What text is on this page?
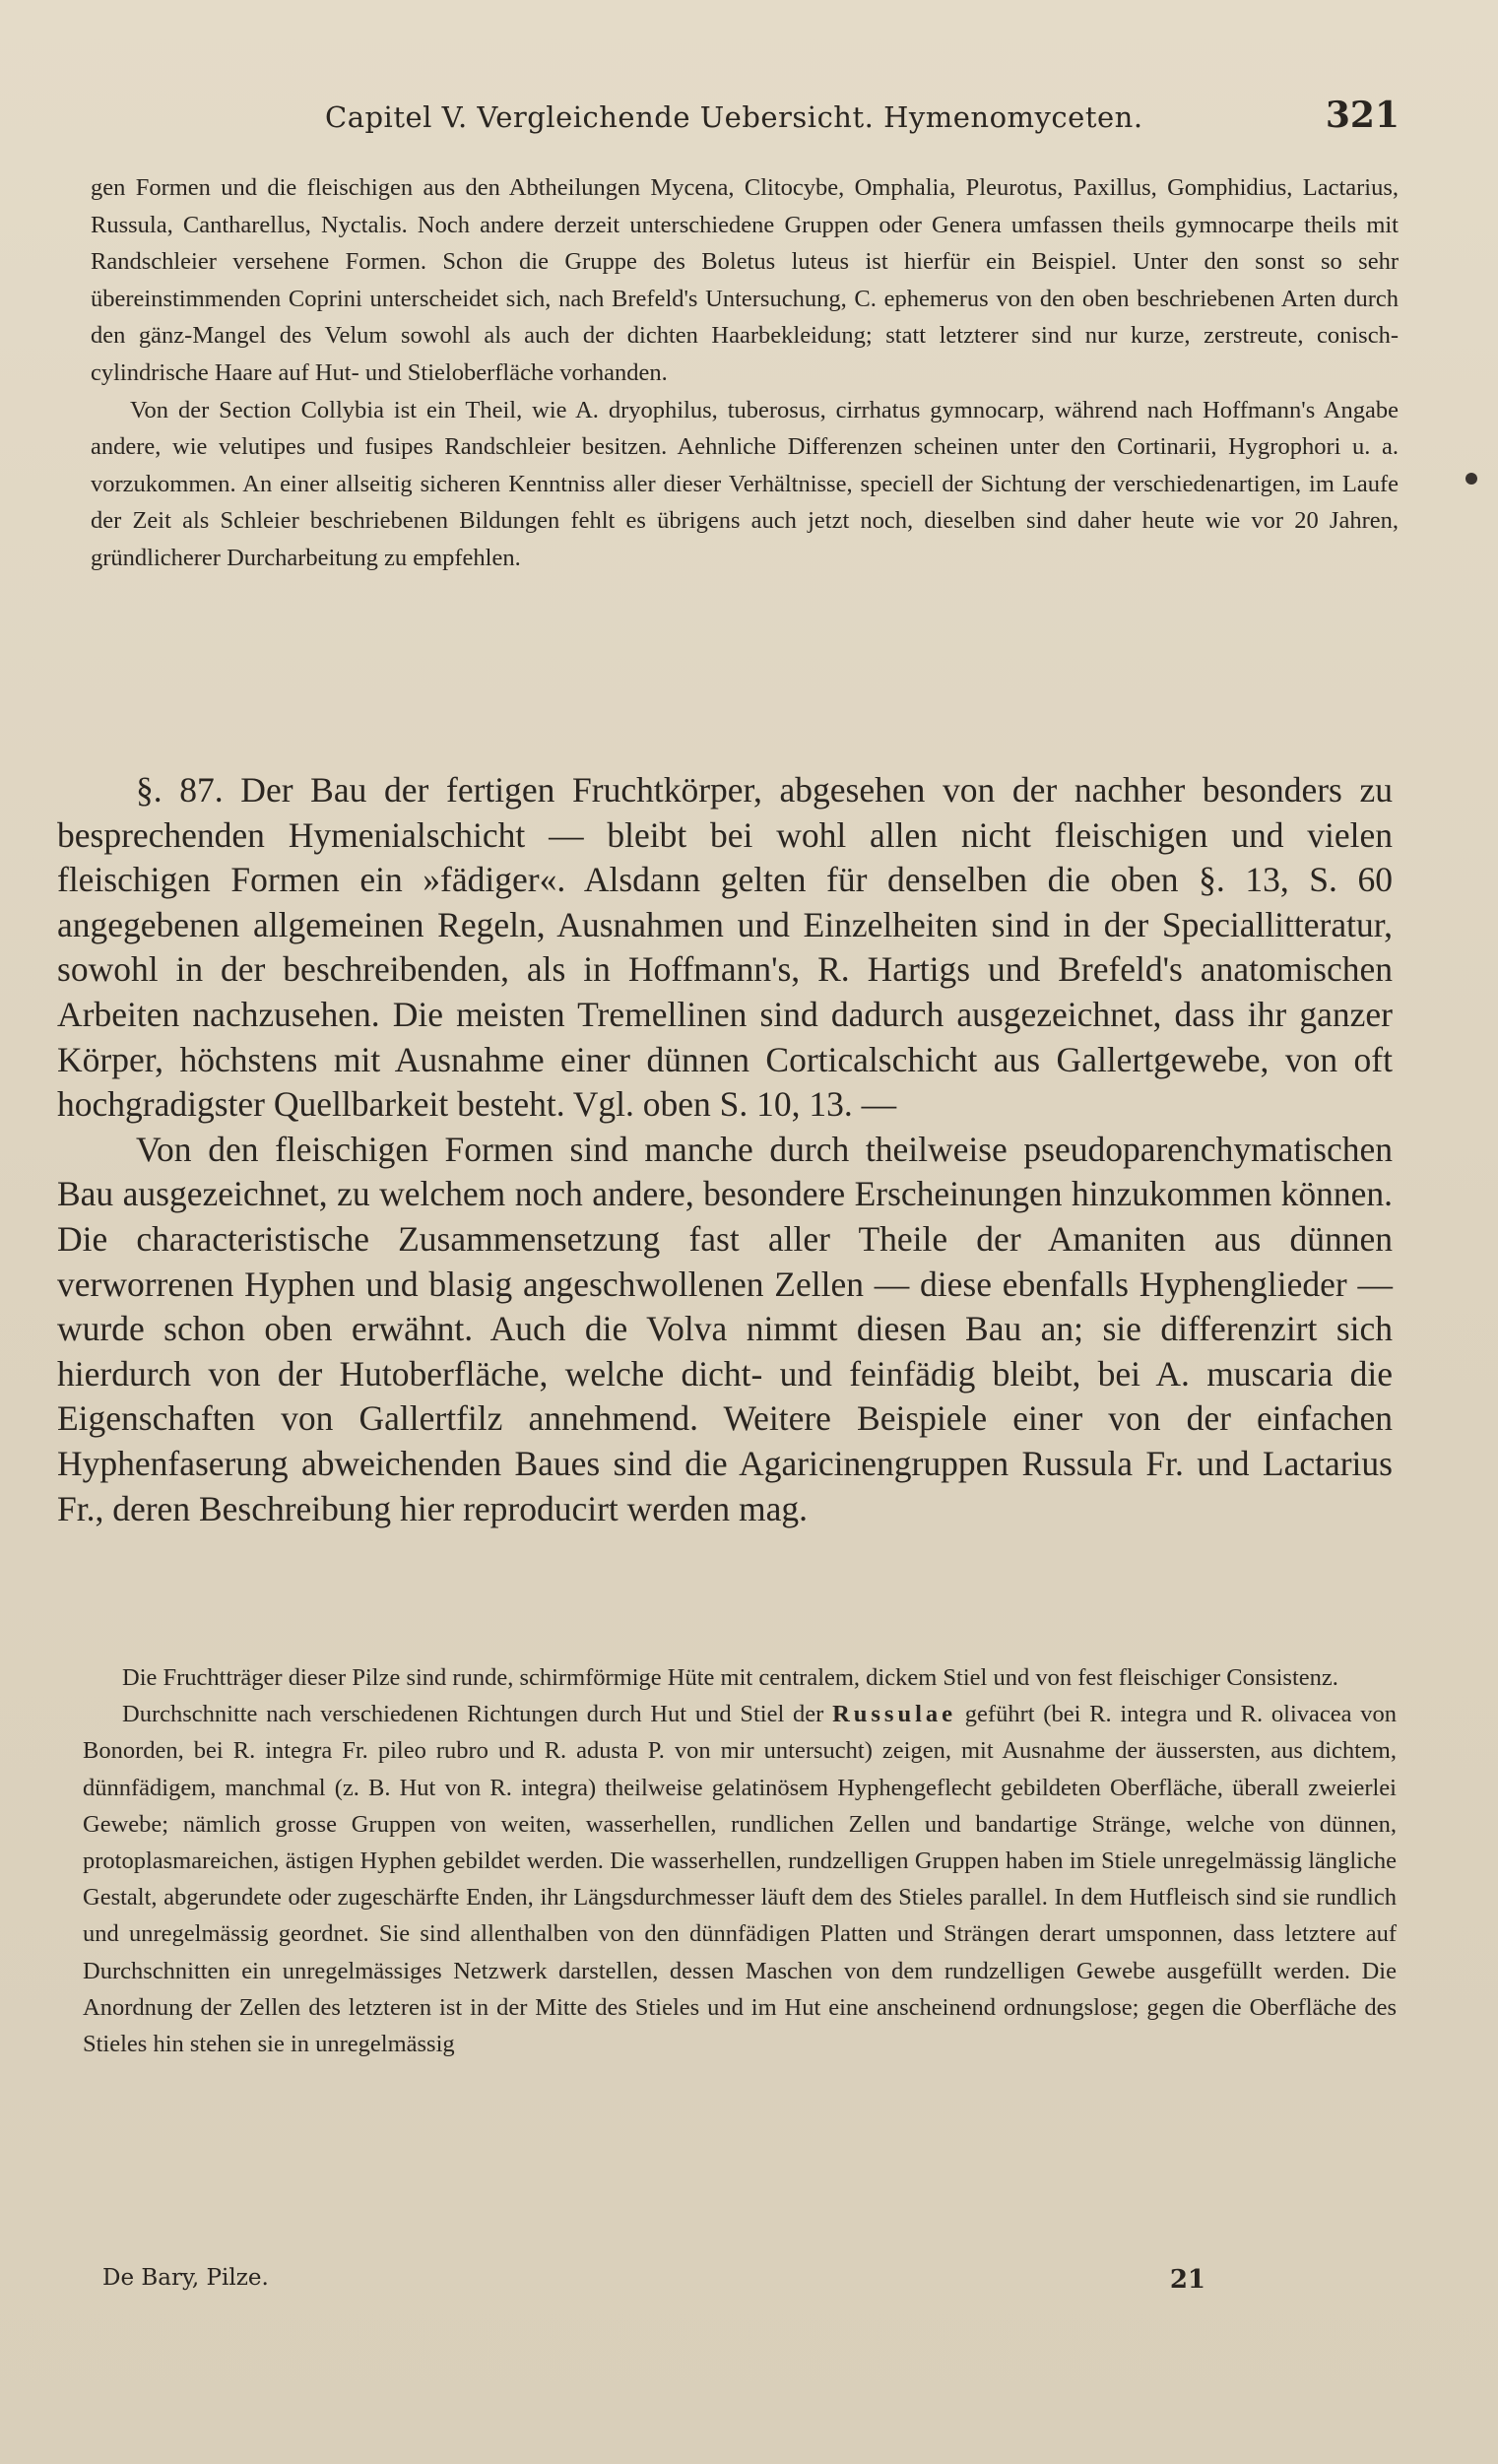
Capitel V. Vergleichende Uebersicht. Hymenomyceten.	321

gen Formen und die fleischigen aus den Abtheilungen Mycena, Clitocybe, Omphalia, Pleurotus, Paxillus, Gomphidius, Lactarius, Russula, Cantharellus, Nyctalis. Noch andere derzeit unterschiedene Gruppen oder Genera umfassen theils gymnocarpe theils mit Randschleier versehene Formen. Schon die Gruppe des Boletus luteus ist hierfür ein Beispiel. Unter den sonst so sehr übereinstimmenden Coprini unterscheidet sich, nach Brefeld's Untersuchung, C. ephemerus von den oben beschriebenen Arten durch den gänz-Mangel des Velum sowohl als auch der dichten Haarbekleidung; statt letzterer sind nur kurze, zerstreute, conisch-cylindrische Haare auf Hut- und Stieloberfläche vorhanden.

Von der Section Collybia ist ein Theil, wie A. dryophilus, tuberosus, cirrhatus gymnocarp, während nach Hoffmann's Angabe andere, wie velutipes und fusipes Randschleier besitzen. Aehnliche Differenzen scheinen unter den Cortinarii, Hygrophori u. a. vorzukommen. An einer allseitig sicheren Kenntniss aller dieser Verhältnisse, speciell der Sichtung der verschiedenartigen, im Laufe der Zeit als Schleier beschriebenen Bildungen fehlt es übrigens auch jetzt noch, dieselben sind daher heute wie vor 20 Jahren, gründlicherer Durcharbeitung zu empfehlen.

§. 87. Der Bau der fertigen Fruchtkörper, abgesehen von der nachher besonders zu besprechenden Hymenialschicht — bleibt bei wohl allen nicht fleischigen und vielen fleischigen Formen ein »fädiger«. Alsdann gelten für denselben die oben §. 13, S. 60 angegebenen allgemeinen Regeln, Ausnahmen und Einzelheiten sind in der Speciallitteratur, sowohl in der beschreibenden, als in Hoffmann's, R. Hartigs und Brefeld's anatomischen Arbeiten nachzusehen. Die meisten Tremellinen sind dadurch ausgezeichnet, dass ihr ganzer Körper, höchstens mit Ausnahme einer dünnen Corticalschicht aus Gallertgewebe, von oft hochgradigster Quellbarkeit besteht. Vgl. oben S. 10, 13. —

Von den fleischigen Formen sind manche durch theilweise pseudoparenchymatischen Bau ausgezeichnet, zu welchem noch andere, besondere Erscheinungen hinzukommen können. Die characteristische Zusammensetzung fast aller Theile der Amaniten aus dünnen verworrenen Hyphen und blasig angeschwollenen Zellen — diese ebenfalls Hyphenglieder — wurde schon oben erwähnt. Auch die Volva nimmt diesen Bau an; sie differenzirt sich hierdurch von der Hutoberfläche, welche dicht- und feinfädig bleibt, bei A. muscaria die Eigenschaften von Gallertfilz annehmend. Weitere Beispiele einer von der einfachen Hyphenfaserung abweichenden Baues sind die Agaricinengruppen Russula Fr. und Lactarius Fr., deren Beschreibung hier reproducirt werden mag.

Die Fruchtträger dieser Pilze sind runde, schirmförmige Hüte mit centralem, dickem Stiel und von fest fleischiger Consistenz.

Durchschnitte nach verschiedenen Richtungen durch Hut und Stiel der Russulae geführt (bei R. integra und R. olivacea von Bonorden, bei R. integra Fr. pileo rubro und R. adusta P. von mir untersucht) zeigen, mit Ausnahme der äussersten, aus dichtem, dünnfädigem, manchmal (z. B. Hut von R. integra) theilweise gelatinösem Hyphengeflecht gebildeten Oberfläche, überall zweierlei Gewebe; nämlich grosse Gruppen von weiten, wasserhellen, rundlichen Zellen und bandartige Stränge, welche von dünnen, protoplasmareichen, ästigen Hyphen gebildet werden. Die wasserhellen, rundzelligen Gruppen haben im Stiele unregelmässig längliche Gestalt, abgerundete oder zugeschärfte Enden, ihr Längsdurchmesser läuft dem des Stieles parallel. In dem Hutfleisch sind sie rundlich und unregelmässig geordnet. Sie sind allenthalben von den dünnfädigen Platten und Strängen derart umsponnen, dass letztere auf Durchschnitten ein unregelmässiges Netzwerk darstellen, dessen Maschen von dem rundzelligen Gewebe ausgefüllt werden. Die Anordnung der Zellen des letzteren ist in der Mitte des Stieles und im Hut eine anscheinend ordnungslose; gegen die Oberfläche des Stieles hin stehen sie in unregelmässig

De Bary, Pilze.	21
